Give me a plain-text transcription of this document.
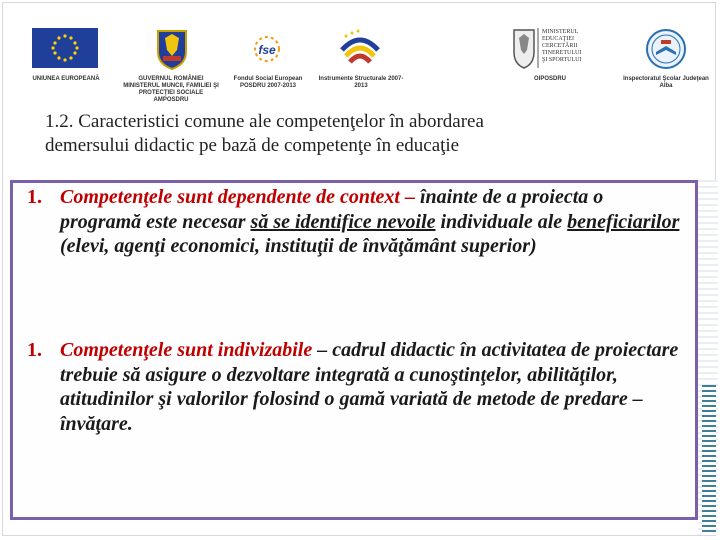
UNIUNEA EUROPEANĂ	GUVERNUL ROMÂNIEI MINISTERUL MUNCII, FAMILIEI ŞI PROTECŢIEI SOCIALE AMPOSDRU
fse
Fondul Social European POSDRU 2007-2013
Instrumente Structurale 2007-2013
MINISTERUL
EDUCAŢIEI
CERCETĂRII
TINERETULUI
ŞI SPORTULUI
OIPOSDRU	Inspectoratul Şcolar Judeţean Alba
1.2. Caracteristici comune ale competenţelor în abordarea
demersului didactic pe bază de competenţe în educaţie
1. Competenţele sunt dependente de context – înainte de a proiecta o programă este necesar să se identifice nevoile individuale ale beneficiarilor (elevi, agenţi economici, instituţii de învăţământ superior)
1. Competenţele sunt indivizabile – cadrul didactic în activitatea de proiectare trebuie să asigure o dezvoltare integrată a cunoştinţelor, abilităţilor, atitudinilor şi valorilor folosind o gamă variată de metode de predare – învăţare.
